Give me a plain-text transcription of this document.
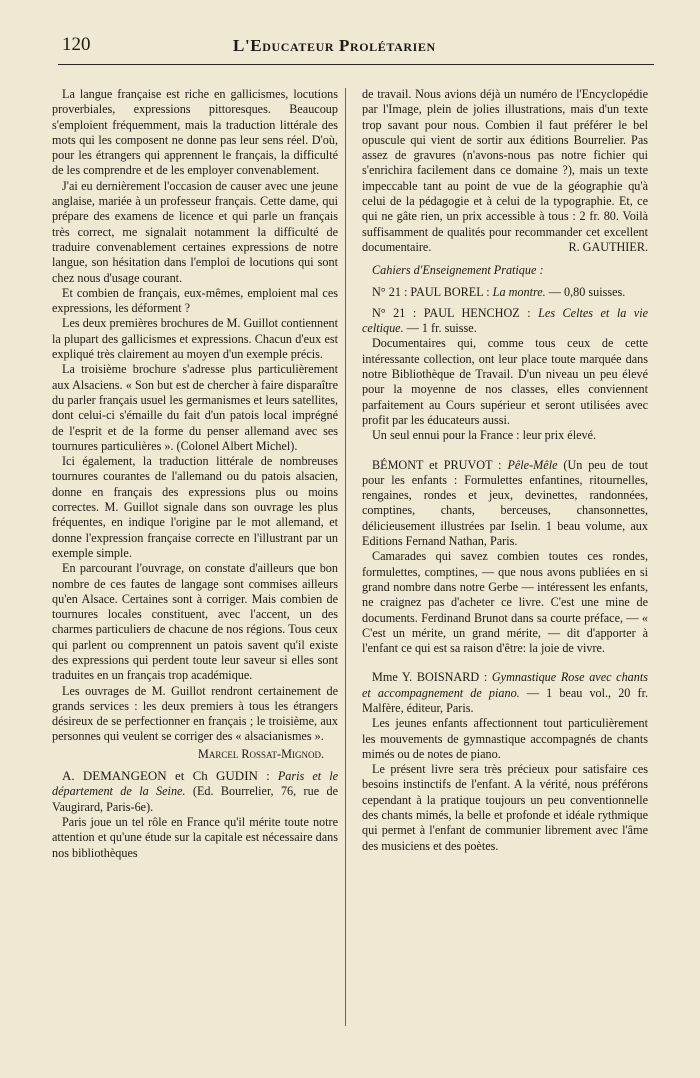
120	L'Educateur Prolétarien

La langue française est riche en gallicismes, locutions proverbiales, expressions pittoresques. Beaucoup s'emploient fréquemment, mais la traduction littérale des mots qui les composent ne donne pas leur sens réel. D'où, pour les étrangers qui apprennent le français, la difficulté de les comprendre et de les employer convenablement.

J'ai eu dernièrement l'occasion de causer avec une jeune anglaise, mariée à un professeur français. Cette dame, qui prépare des examens de licence et qui parle un français très correct, me signalait notamment la difficulté de traduire convenablement certaines expressions de notre langue, son hésitation dans l'emploi de locutions qui sont chez nous d'usage courant.

Et combien de français, eux-mêmes, emploient mal ces expressions, les déforment ?

Les deux premières brochures de M. Guillot contiennent la plupart des gallicismes et expressions. Chacun d'eux est expliqué très clairement au moyen d'un exemple précis.

La troisième brochure s'adresse plus particulièrement aux Alsaciens. « Son but est de chercher à faire disparaître du parler français usuel les germanismes et leurs satellites, dont celui-ci s'émaille du fait d'un patois local imprégné de l'esprit et de la forme du penser allemand avec ses tournures particulières ». (Colonel Albert Michel).

Ici également, la traduction littérale de nombreuses tournures courantes de l'allemand ou du patois alsacien, donne en français des expressions plus ou moins correctes. M. Guillot signale dans son ouvrage les plus fréquentes, en indique l'origine par le mot allemand, et donne l'expression française correcte en l'illustrant par un exemple simple.

En parcourant l'ouvrage, on constate d'ailleurs que bon nombre de ces fautes de langage sont commises ailleurs qu'en Alsace. Certaines sont à corriger. Mais combien de tournures locales constituent, avec l'accent, un des charmes particuliers de chacune de nos régions. Tous ceux qui parlent ou comprennent un patois savent qu'il existe des expressions qui perdent toute leur saveur si elles sont traduites en un français trop académique.

Les ouvrages de M. Guillot rendront certainement de grands services : les deux premiers à tous les étrangers désireux de se perfectionner en français ; le troisième, aux personnes qui veulent se corriger des « alsacianismes ».

Marcel Rossat-Mignod.

A. DEMANGEON et Ch GUDIN : Paris et le département de la Seine. (Ed. Bourrelier, 76, rue de Vaugirard, Paris-6e).

Paris joue un tel rôle en France qu'il mérite toute notre attention et qu'une étude sur la capitale est nécessaire dans nos bibliothèques

de travail. Nous avions déjà un numéro de l'Encyclopédie par l'Image, plein de jolies illustrations, mais d'un texte trop savant pour nous. Combien il faut préférer le bel opuscule qui vient de sortir aux éditions Bourrelier. Pas assez de gravures (n'avons-nous pas notre fichier qui s'enrichira facilement dans ce domaine ?), mais un texte impeccable tant au point de vue de la géographie qu'à celui de la pédagogie et à celui de la typographie. Et, ce qui ne gâte rien, un prix accessible à tous : 2 fr. 80. Voilà suffisamment de qualités pour recommander cet excellent documentaire.	R. GAUTHIER.

Cahiers d'Enseignement Pratique :

N° 21 : PAUL BOREL : La montre. — 0,80 suisses.

N° 21 : PAUL HENCHOZ : Les Celtes et la vie celtique. — 1 fr. suisse.

Documentaires qui, comme tous ceux de cette intéressante collection, ont leur place toute marquée dans notre Bibliothèque de Travail. D'un niveau un peu élevé pour la moyenne de nos classes, elles conviennent parfaitement au Cours supérieur et seront utilisées avec profit par les éducateurs aussi.

Un seul ennui pour la France : leur prix élevé.

BÉMONT et PRUVOT : Pêle-Mêle (Un peu de tout pour les enfants : Formulettes enfantines, ritournelles, rengaines, rondes et jeux, devinettes, randonnées, comptines, chants, berceuses, chansonnettes, délicieusement illustrées par Iselin. 1 beau volume, aux Editions Fernand Nathan, Paris.

Camarades qui savez combien toutes ces rondes, formulettes, comptines, — que nous avons publiées en si grand nombre dans notre Gerbe — intéressent les enfants, ne craignez pas d'acheter ce livre. C'est une mine de documents. Ferdinand Brunot dans sa courte préface, — « C'est un mérite, un grand mérite, — dit d'apporter à l'enfant ce qui est sa raison d'être: la joie de vivre.

Mme Y. BOISNARD : Gymnastique Rose avec chants et accompagnement de piano. — 1 beau vol., 20 fr. Malfère, éditeur, Paris.

Les jeunes enfants affectionnent tout particulièrement les mouvements de gymnastique accompagnés de chants mimés ou de notes de piano.

Le présent livre sera très précieux pour satisfaire ces besoins instinctifs de l'enfant. A la vérité, nous préférons cependant à la pratique toujours un peu conventionnelle des chants mimés, la belle et profonde et idéale rythmique qui permet à l'enfant de communier librement avec l'âme des musiciens et des poètes.
